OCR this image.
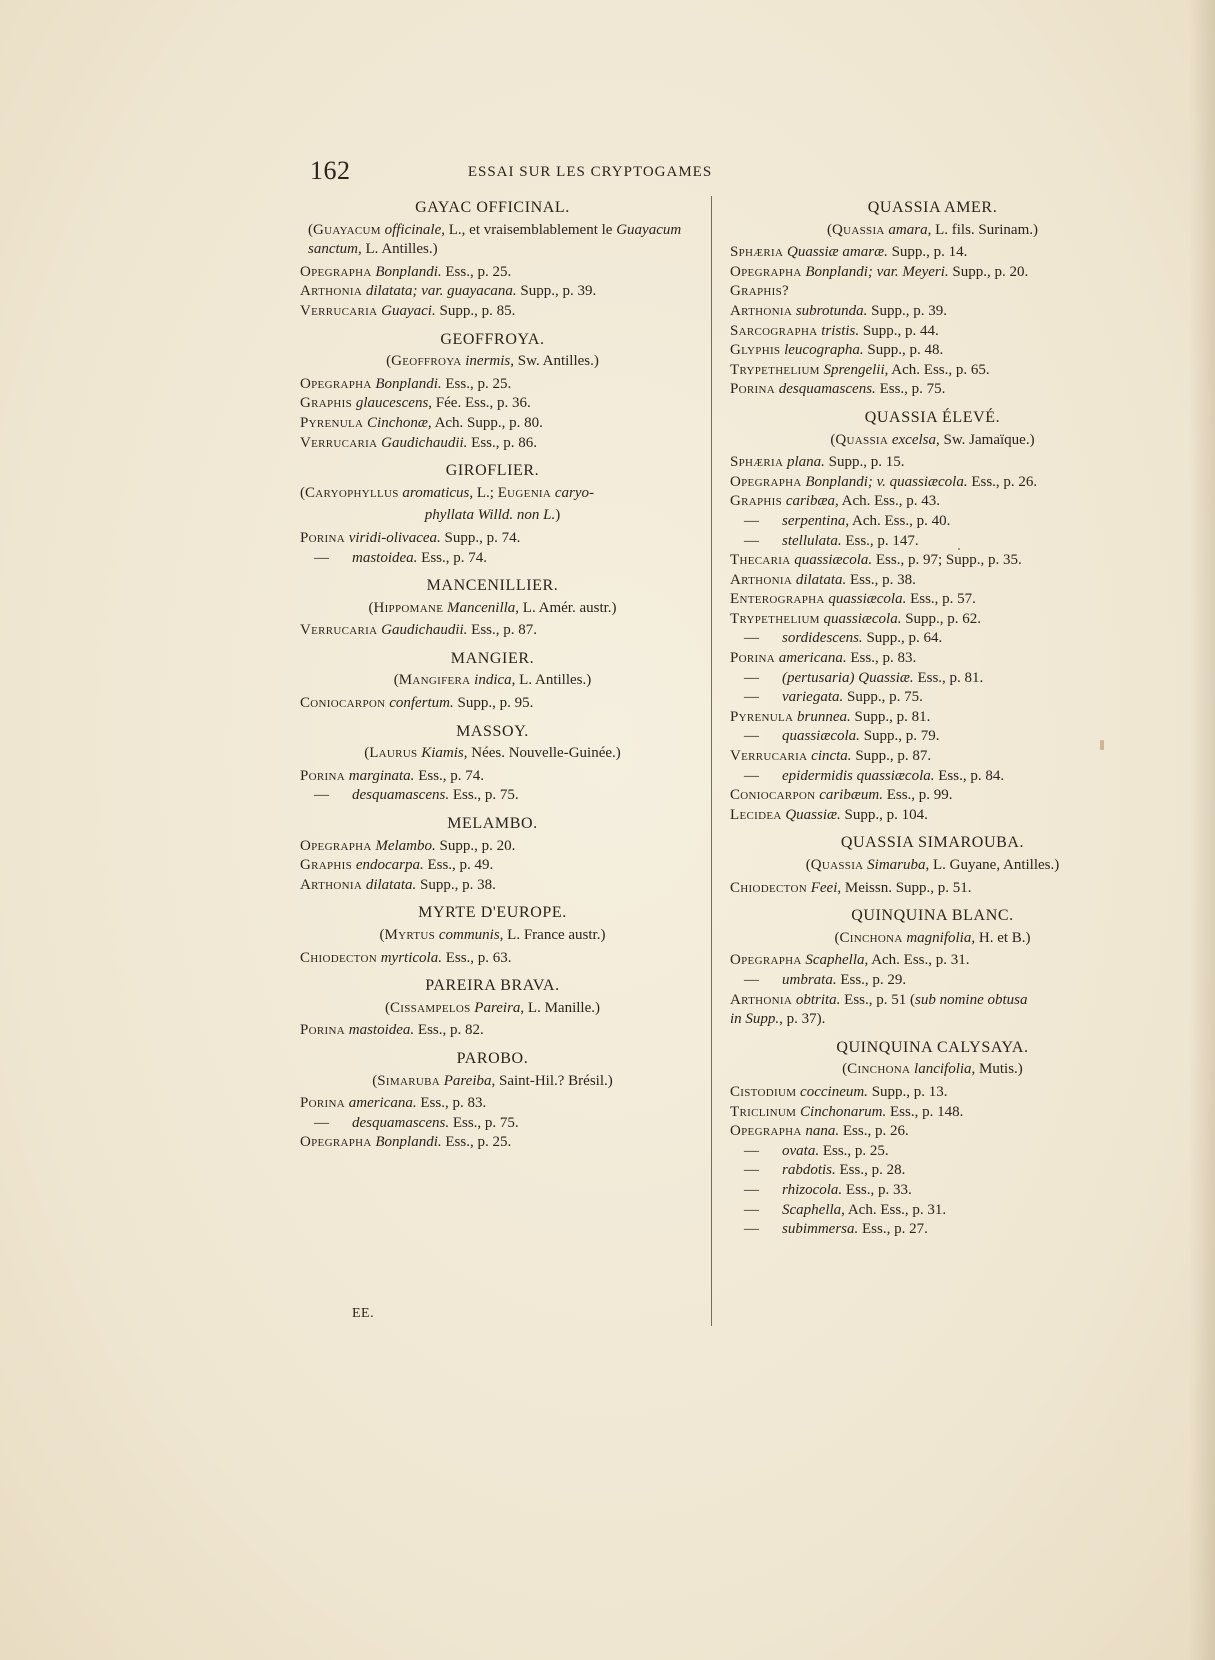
162	ESSAI SUR LES CRYPTOGAMES
GAYAC OFFICINAL.
(Guayacum officinale, L., et vraisemblablement le Guayacum sanctum, L. Antilles.)
Opegrapha Bonplandi. Ess., p. 25.
Arthonia dilatata; var. guayacana. Supp., p. 39.
Verrucaria Guayaci. Supp., p. 85.
GEOFFROYA.
(Geoffroya inermis, Sw. Antilles.)
Opegrapha Bonplandi. Ess., p. 25.
Graphis glaucescens, Fée. Ess., p. 36.
Pyrenula Cinchonæ, Ach. Supp., p. 80.
Verrucaria Gaudichaudii. Ess., p. 86.
GIROFLIER.
(Caryophyllus aromaticus, L.; Eugenia caryo-
phyllata Willd. non L.)
Porina viridi-olivacea. Supp., p. 74.
— mastoidea. Ess., p. 74.
MANCENILLIER.
(Hippomane Mancenilla, L. Amér. austr.)
Verrucaria Gaudichaudii. Ess., p. 87.
MANGIER.
(Mangifera indica, L. Antilles.)
Coniocarpon confertum. Supp., p. 95.
MASSOY.
(Laurus Kiamis, Nées. Nouvelle-Guinée.)
Porina marginata. Ess., p. 74.
— desquamascens. Ess., p. 75.
MELAMBO.
Opegrapha Melambo. Supp., p. 20.
Graphis endocarpa. Ess., p. 49.
Arthonia dilatata. Supp., p. 38.
MYRTE D'EUROPE.
(Myrtus communis, L. France austr.)
Chiodecton myrticola. Ess., p. 63.
PAREIRA BRAVA.
(Cissampelos Pareira, L. Manille.)
Porina mastoidea. Ess., p. 82.
PAROBO.
(Simaruba Pareiba, Saint-Hil.? Brésil.)
Porina americana. Ess., p. 83.
— desquamascens. Ess., p. 75.
Opegrapha Bonplandi. Ess., p. 25.
QUASSIA AMER.
(Quassia amara, L. fils. Surinam.)
Sphæria Quassiæ amaræ. Supp., p. 14.
Opegrapha Bonplandi; var. Meyeri. Supp., p. 20.
Graphis?
Arthonia subrotunda. Supp., p. 39.
Sarcographa tristis. Supp., p. 44.
Glyphis leucographa. Supp., p. 48.
Trypethelium Sprengelii, Ach. Ess., p. 65.
Porina desquamascens. Ess., p. 75.
QUASSIA ÉLEVÉ.
(Quassia excelsa, Sw. Jamaïque.)
Sphæria plana. Supp., p. 15.
Opegrapha Bonplandi; v. quassiæcola. Ess., p. 26.
Graphis caribæa, Ach. Ess., p. 43.
— serpentina, Ach. Ess., p. 40.
— stellulata. Ess., p. 147.
Thecaria quassiæcola. Ess., p. 97; Supp., p. 35.
Arthonia dilatata. Ess., p. 38.
Enterographa quassiæcola. Ess., p. 57.
Trypethelium quassiæcola. Supp., p. 62.
— sordidescens. Supp., p. 64.
Porina americana. Ess., p. 83.
— (pertusaria) Quassiæ. Ess., p. 81.
— variegata. Supp., p. 75.
Pyrenula brunnea. Supp., p. 81.
— quassiæcola. Supp., p. 79.
Verrucaria cincta. Supp., p. 87.
— epidermidis quassiæcola. Ess., p. 84.
Coniocarpon caribæum. Ess., p. 99.
Lecidea Quassiæ. Supp., p. 104.
QUASSIA SIMAROUBA.
(Quassia Simaruba, L. Guyane, Antilles.)
Chiodecton Feei, Meissn. Supp., p. 51.
QUINQUINA BLANC.
(Cinchona magnifolia, H. et B.)
Opegrapha Scaphella, Ach. Ess., p. 31.
— umbrata. Ess., p. 29.
Arthonia obtrita. Ess., p. 51 (sub nomine obtusa
in Supp., p. 37).
QUINQUINA CALYSAYA.
(Cinchona lancifolia, Mutis.)
Cistodium coccineum. Supp., p. 13.
Triclinum Cinchonarum. Ess., p. 148.
Opegrapha nana. Ess., p. 26.
— ovata. Ess., p. 25.
— rabdotis. Ess., p. 28.
— rhizocola. Ess., p. 33.
— Scaphella, Ach. Ess., p. 31.
— subimmersa. Ess., p. 27.
EE.
